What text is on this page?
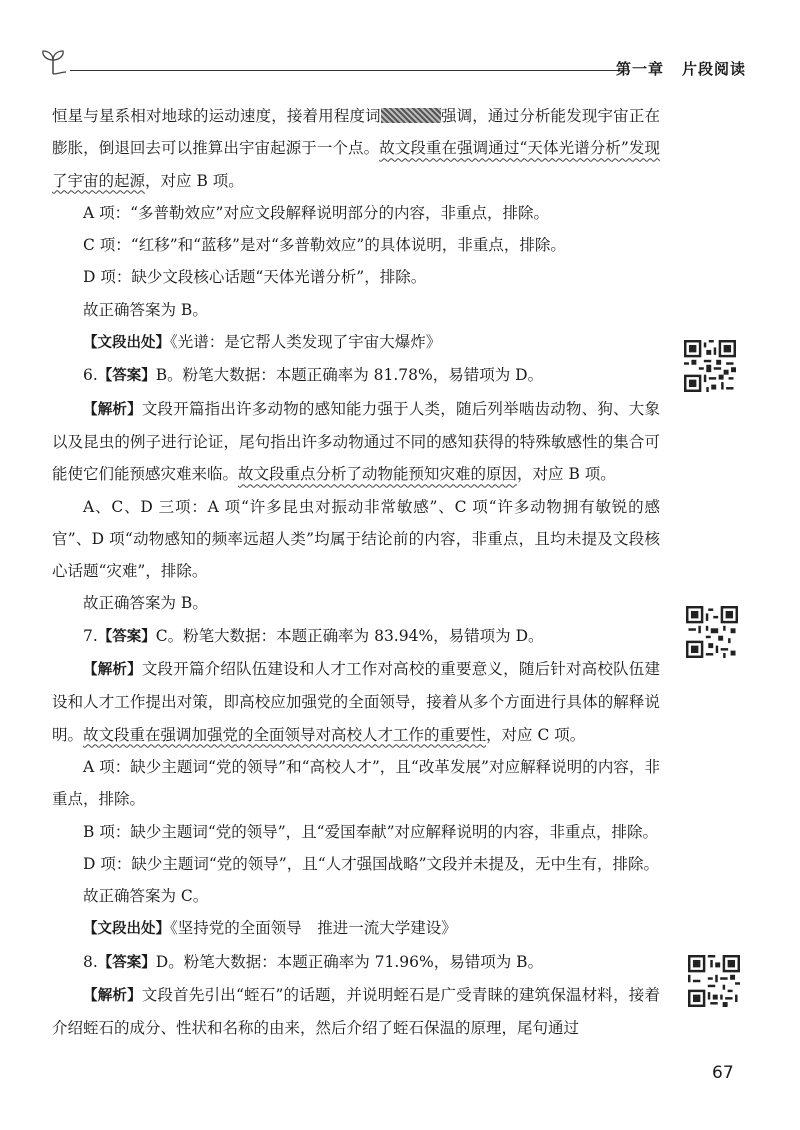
第一章 片段阅读

恒星与星系相对地球的运动速度，接着用程度词	强调，通过分析能发现宇宙正在膨胀，倒退回去可以推算出宇宙起源于一个点。故文段重在强调通过“天体光谱分析”发现了宇宙的起源，对应 B 项。

A 项：“多普勒效应”对应文段解释说明部分的内容，非重点，排除。

C 项：“红移”和“蓝移”是对“多普勒效应”的具体说明，非重点，排除。

D 项：缺少文段核心话题“天体光谱分析”，排除。

故正确答案为 B。

【文段出处】《光谱：是它帮人类发现了宇宙大爆炸》

6.【答案】B。粉笔大数据：本题正确率为 81.78%，易错项为 D。

【解析】文段开篇指出许多动物的感知能力强于人类，随后列举啮齿动物、狗、大象以及昆虫的例子进行论证，尾句指出许多动物通过不同的感知获得的特殊敏感性的集合可能使它们能预感灾难来临。故文段重点分析了动物能预知灾难的原因，对应 B 项。

A、C、D 三项：A 项“许多昆虫对振动非常敏感”、C 项“许多动物拥有敏锐的感官”、D 项“动物感知的频率远超人类”均属于结论前的内容，非重点，且均未提及文段核心话题“灾难”，排除。

故正确答案为 B。

7.【答案】C。粉笔大数据：本题正确率为 83.94%，易错项为 D。

【解析】文段开篇介绍队伍建设和人才工作对高校的重要意义，随后针对高校队伍建设和人才工作提出对策，即高校应加强党的全面领导，接着从多个方面进行具体的解释说明。故文段重在强调加强党的全面领导对高校人才工作的重要性，对应 C 项。

A 项：缺少主题词“党的领导”和“高校人才”，且“改革发展”对应解释说明的内容，非重点，排除。

B 项：缺少主题词“党的领导”，且“爱国奉献”对应解释说明的内容，非重点，排除。

D 项：缺少主题词“党的领导”，且“人才强国战略”文段并未提及，无中生有，排除。

故正确答案为 C。

【文段出处】《坚持党的全面领导　推进一流大学建设》

8.【答案】D。粉笔大数据：本题正确率为 71.96%，易错项为 B。

【解析】文段首先引出“蛭石”的话题，并说明蛭石是广受青睐的建筑保温材料，接着介绍蛭石的成分、性状和名称的由来，然后介绍了蛭石保温的原理，尾句通过

67
